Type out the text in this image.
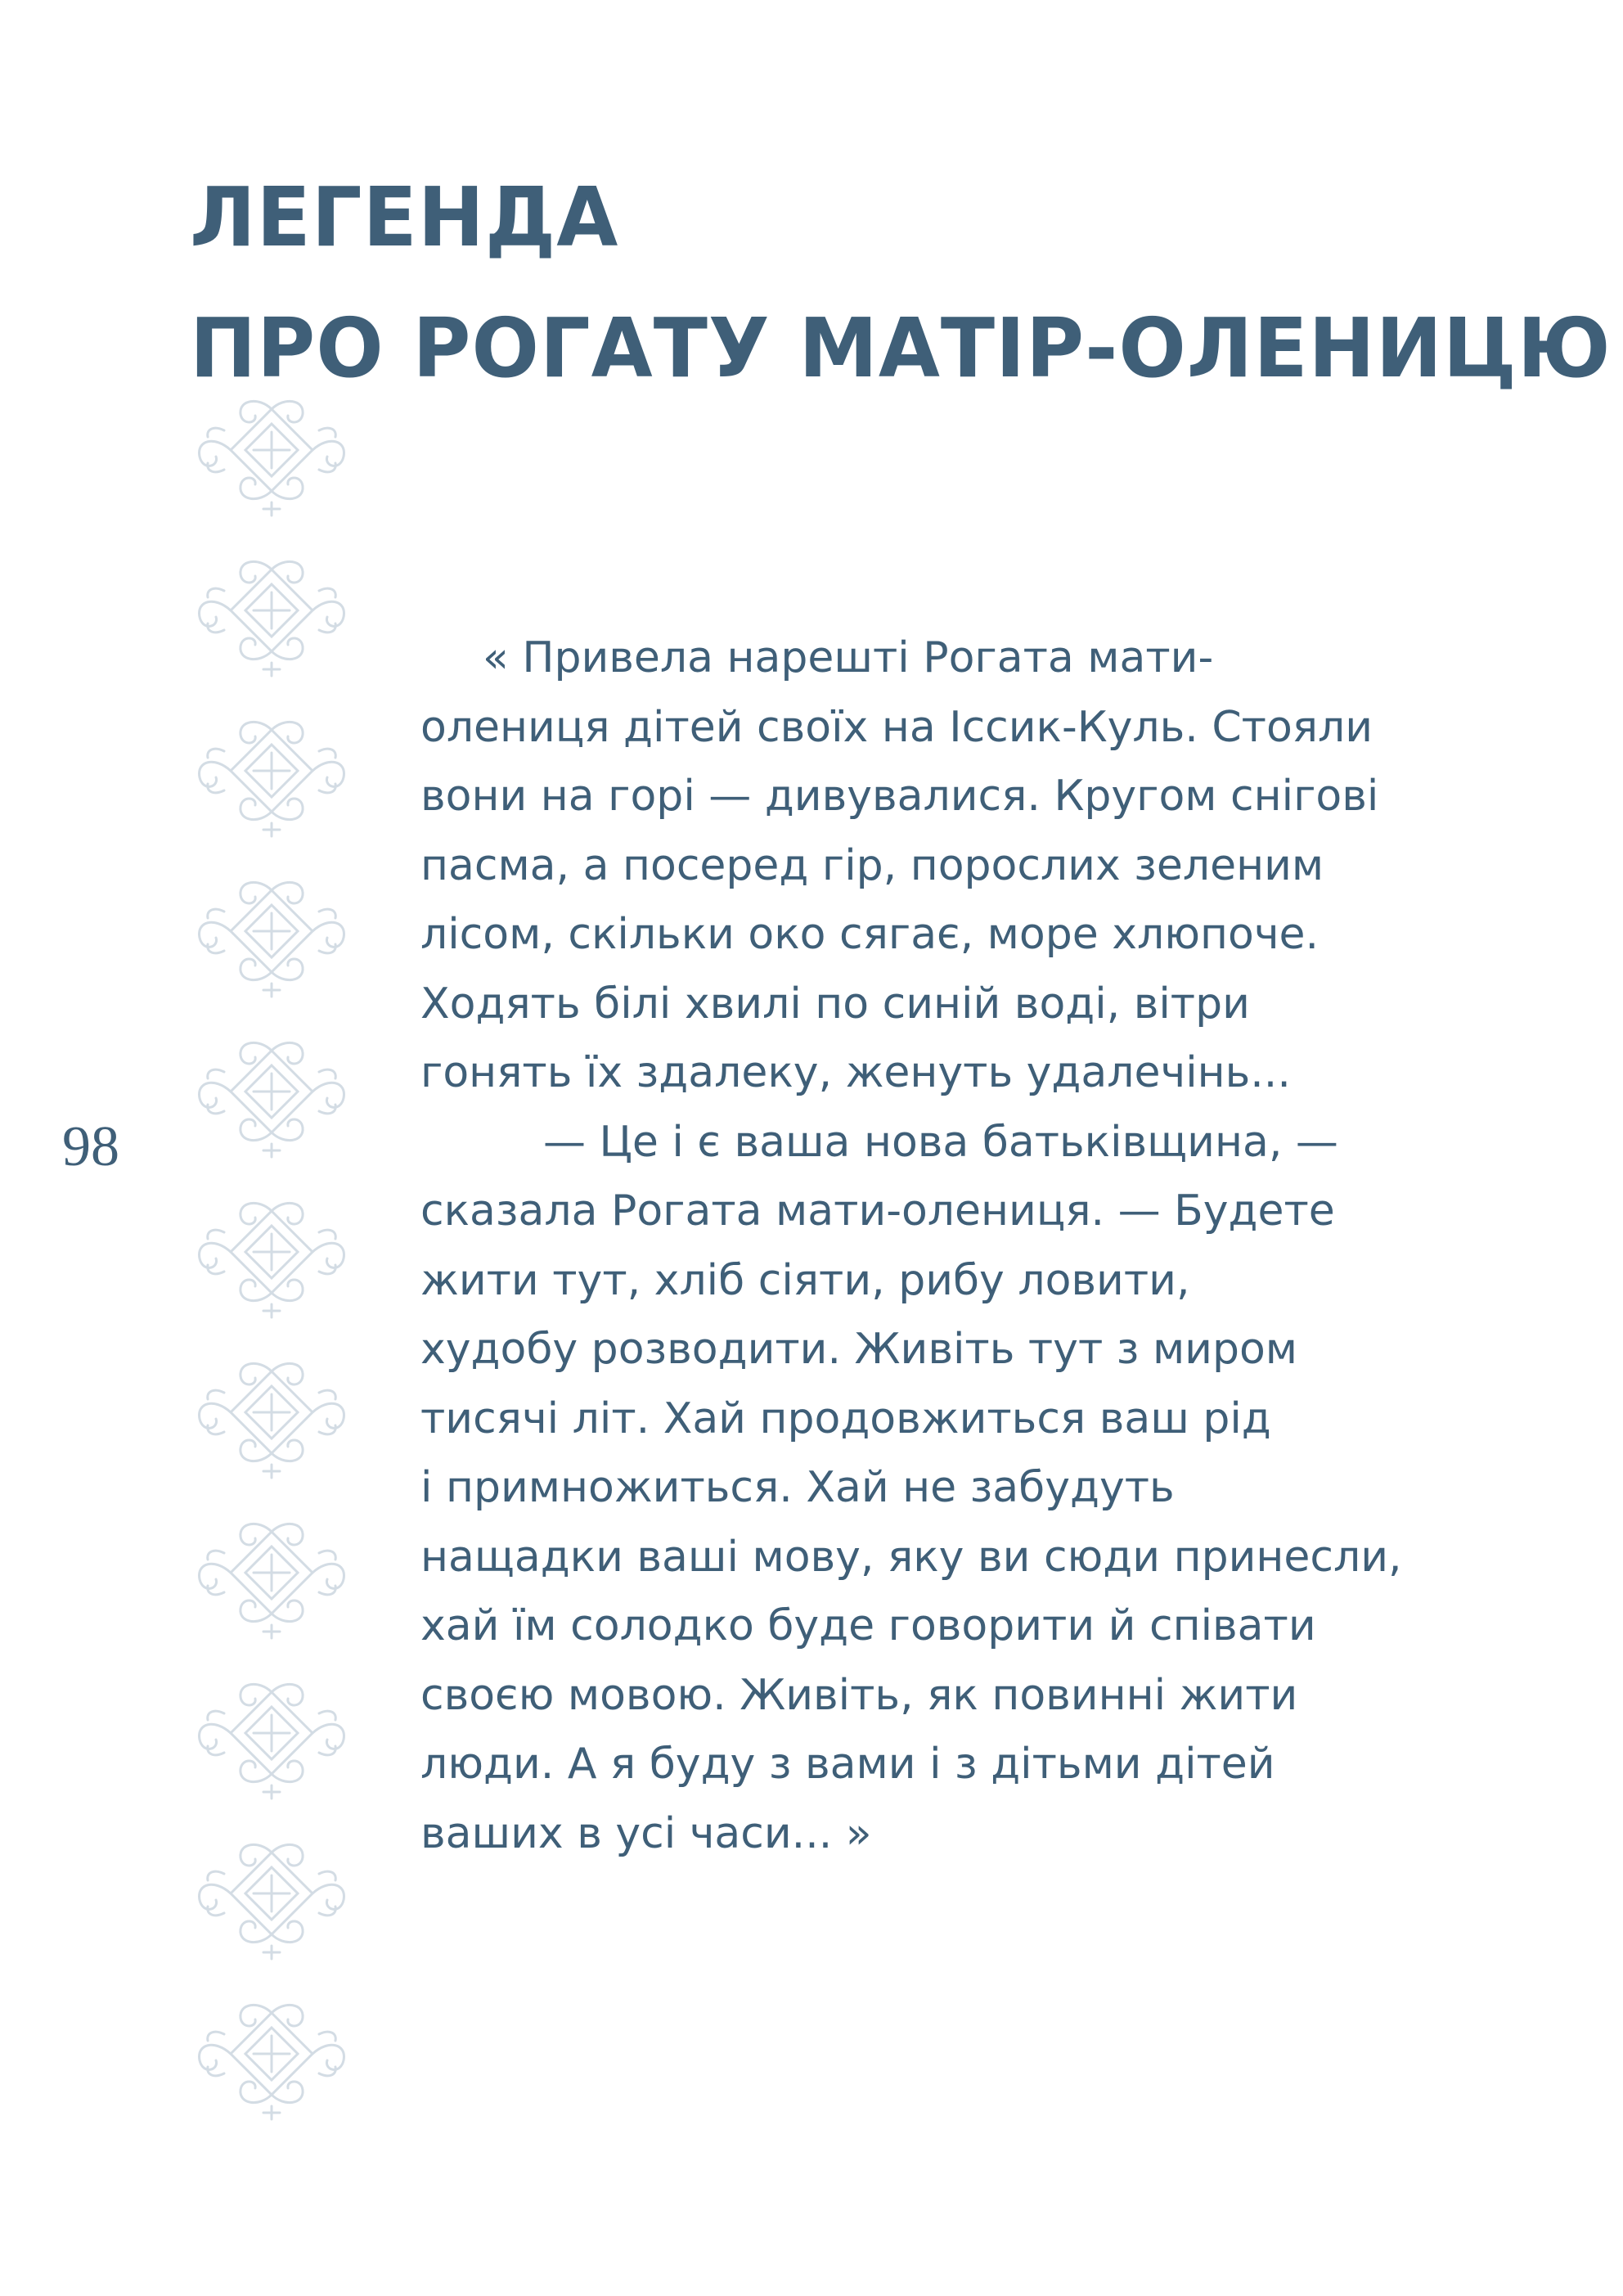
ЛЕГЕНДА
ПРО РОГАТУ МАТІР-ОЛЕНИЦЮ
98
« Привела нарешті Рогата мати-
олениця дітей своїх на Іссик-Куль. Стояли
вони на горі — дивувалися. Кругом снігові
пасма, а посеред гір, порослих зеленим
лісом, скільки око сягає, море хлюпоче.
Ходять білі хвилі по синій воді, вітри
гонять їх здалеку, женуть удалечінь...
— Це і є ваша нова батьківщина, —
сказала Рогата мати-олениця. — Будете
жити тут, хліб сіяти, рибу ловити,
худобу розводити. Живіть тут з миром
тисячі літ. Хай продовжиться ваш рід
і примножиться. Хай не забудуть
нащадки ваші мову, яку ви сюди принесли,
хай їм солодко буде говорити й співати
своєю мовою. Живіть, як повинні жити
люди. А я буду з вами і з дітьми дітей
ваших в усі часи... »
